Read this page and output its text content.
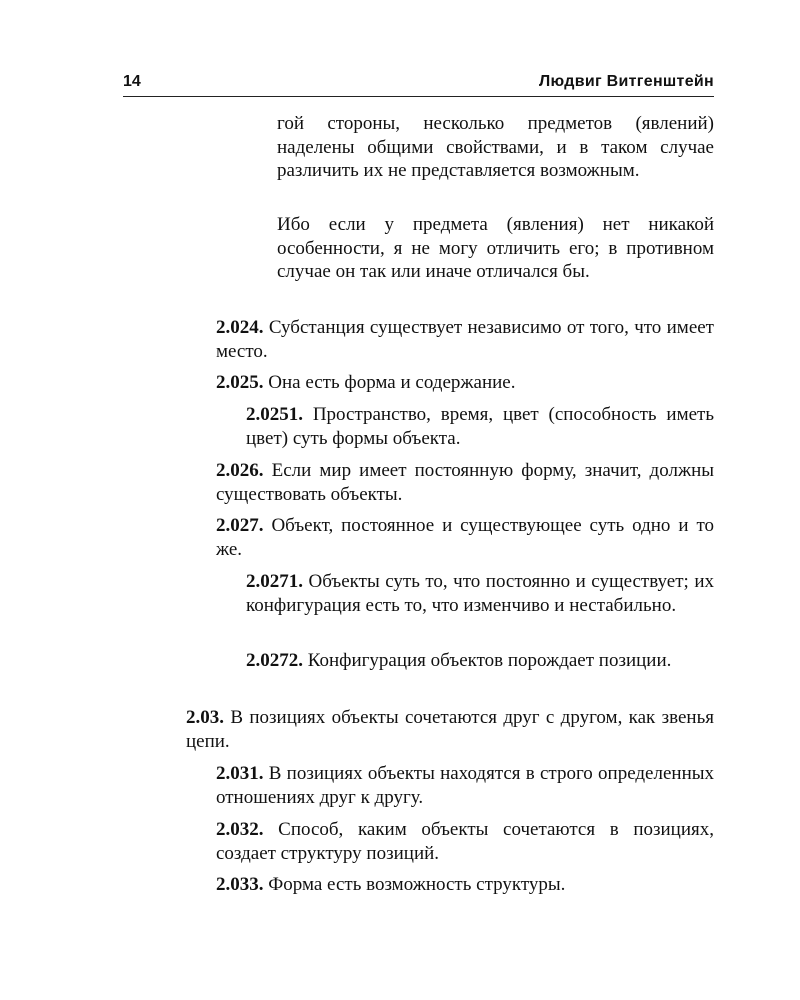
14	Людвиг Витгенштейн

гой стороны, несколько предметов (явлений) наделены общими свойствами, и в таком случае различить их не представляется возможным.

Ибо если у предмета (явления) нет никакой особенности, я не могу отличить его; в противном случае он так или иначе отличался бы.

2.024. Субстанция существует независимо от того, что имеет место.

2.025. Она есть форма и содержание.

2.0251. Пространство, время, цвет (способность иметь цвет) суть формы объекта.

2.026. Если мир имеет постоянную форму, значит, должны существовать объекты.

2.027. Объект, постоянное и существующее суть одно и то же.

2.0271. Объекты суть то, что постоянно и существует; их конфигурация есть то, что изменчиво и нестабильно.

2.0272. Конфигурация объектов порождает позиции.

2.03. В позициях объекты сочетаются друг с другом, как звенья цепи.

2.031. В позициях объекты находятся в строго определенных отношениях друг к другу.

2.032. Способ, каким объекты сочетаются в позициях, создает структуру позиций.

2.033. Форма есть возможность структуры.
